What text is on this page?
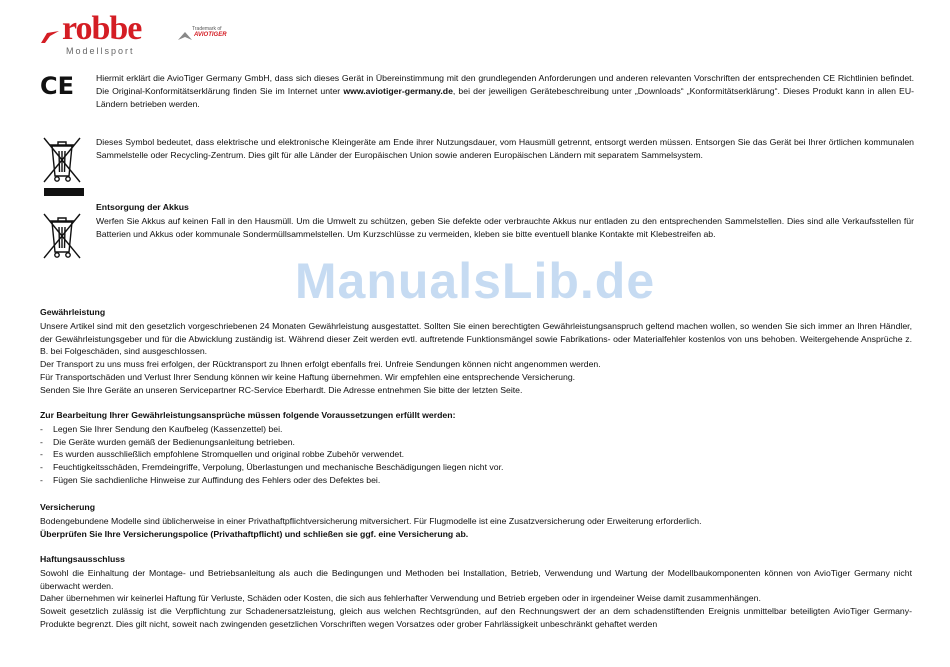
robbe
Modellsport
Trademark of
AVIOTIGER
CE	Hiermit erklärt die AvioTiger Germany GmbH, dass sich dieses Gerät in Übereinstimmung mit den grundlegenden Anforderungen und anderen relevanten Vorschriften der entsprechenden CE Richtlinien befindet. Die Original-Konformitätserklärung finden Sie im Internet unter www.aviotiger-germany.de, bei der jeweiligen Gerätebeschreibung unter „Downloads“ „Konformitätserklärung“. Dieses Produkt kann in allen EU-Ländern betrieben werden.

Dieses Symbol bedeutet, dass elektrische und elektronische Kleingeräte am Ende ihrer Nutzungsdauer, vom Hausmüll getrennt, entsorgt werden müssen. Entsorgen Sie das Gerät bei Ihrer örtlichen kommunalen Sammelstelle oder Recycling-Zentrum. Dies gilt für alle Länder der Europäischen Union sowie anderen Europäischen Ländern mit separatem Sammelsystem.

Entsorgung der Akkus

Werfen Sie Akkus auf keinen Fall in den Hausmüll. Um die Umwelt zu schützen, geben Sie defekte oder verbrauchte Akkus nur entladen zu den entsprechenden Sammelstellen. Dies sind alle Verkaufsstellen für Batterien und Akkus oder kommunale Sondermüllsammelstellen. Um Kurzschlüsse zu vermeiden, kleben sie bitte eventuell blanke Kontakte mit Klebestreifen ab.

ManualsLib.de
Gewährleistung

Unsere Artikel sind mit den gesetzlich vorgeschriebenen 24 Monaten Gewährleistung ausgestattet. Sollten Sie einen berechtigten Gewährleistungsanspruch geltend machen wollen, so wenden Sie sich immer an Ihren Händler, der Gewährleistungsgeber und für die Abwicklung zuständig ist. Während dieser Zeit werden evtl. auftretende Funktionsmängel sowie Fabrikations- oder Materialfehler kostenlos von uns behoben. Weitergehende Ansprüche z. B. bei Folgeschäden, sind ausgeschlossen.

Der Transport zu uns muss frei erfolgen, der Rücktransport zu Ihnen erfolgt ebenfalls frei. Unfreie Sendungen können nicht angenommen werden.

Für Transportschäden und Verlust Ihrer Sendung können wir keine Haftung übernehmen. Wir empfehlen eine entsprechende Versicherung.

Senden Sie Ihre Geräte an unseren Servicepartner RC-Service Eberhardt. Die Adresse entnehmen Sie bitte der letzten Seite.

Zur Bearbeitung Ihrer Gewährleistungsansprüche müssen folgende Voraussetzungen erfüllt werden:
- Legen Sie Ihrer Sendung den Kaufbeleg (Kassenzettel) bei.
- Die Geräte wurden gemäß der Bedienungsanleitung betrieben.
- Es wurden ausschließlich empfohlene Stromquellen und original robbe Zubehör verwendet.
- Feuchtigkeitsschäden, Fremdeingriffe, Verpolung, Überlastungen und mechanische Beschädigungen liegen nicht vor.
- Fügen Sie sachdienliche Hinweise zur Auffindung des Fehlers oder des Defektes bei.
Versicherung

Bodengebundene Modelle sind üblicherweise in einer Privathaftpflichtversicherung mitversichert. Für Flugmodelle ist eine Zusatzversicherung oder Erweiterung erforderlich.

Überprüfen Sie Ihre Versicherungspolice (Privathaftpflicht) und schließen sie ggf. eine Versicherung ab.

Haftungsausschluss

Sowohl die Einhaltung der Montage- und Betriebsanleitung als auch die Bedingungen und Methoden bei Installation, Betrieb, Verwendung und Wartung der Modellbaukomponenten können von AvioTiger Germany nicht überwacht werden.

Daher übernehmen wir keinerlei Haftung für Verluste, Schäden oder Kosten, die sich aus fehlerhafter Verwendung und Betrieb ergeben oder in irgendeiner Weise damit zusammenhängen.

Soweit gesetzlich zulässig ist die Verpflichtung zur Schadenersatzleistung, gleich aus welchen Rechtsgründen, auf den Rechnungswert der an dem schadenstiftenden Ereignis unmittelbar beteiligten AvioTiger Germany-Produkte begrenzt. Dies gilt nicht, soweit nach zwingenden gesetzlichen Vorschriften wegen Vorsatzes oder grober Fahrlässigkeit unbeschränkt gehaftet werden
